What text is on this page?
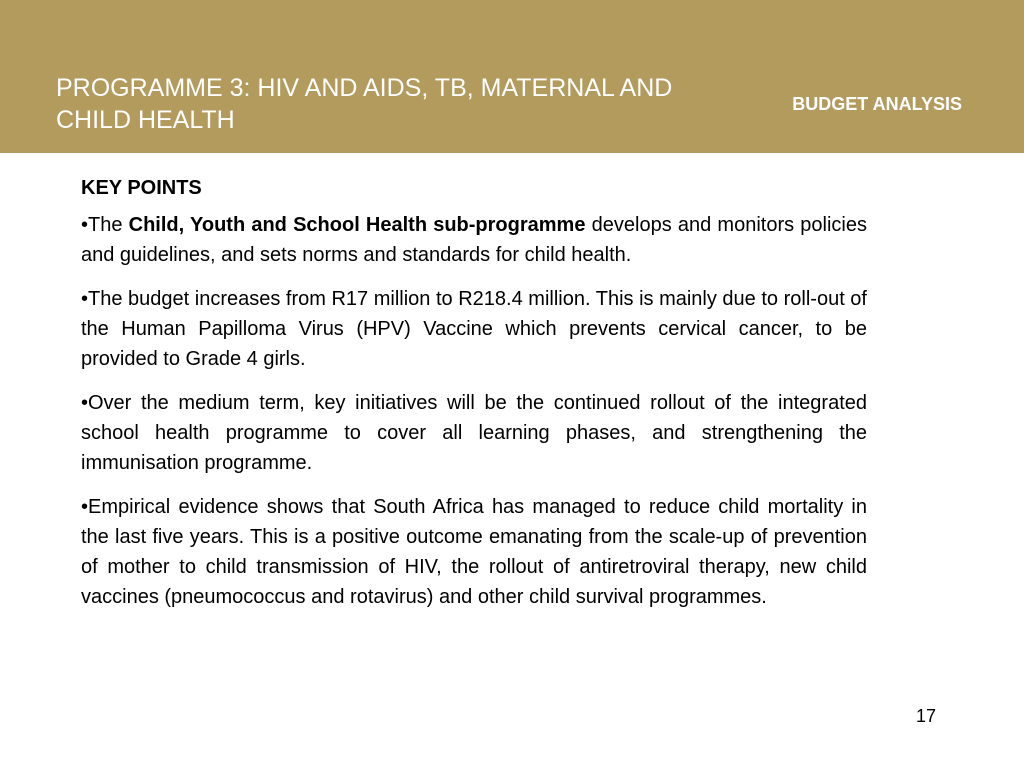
PROGRAMME 3: HIV AND AIDS, TB, MATERNAL AND CHILD HEALTH
BUDGET ANALYSIS
KEY POINTS

•The Child, Youth and School Health sub-programme develops and monitors policies and guidelines, and sets norms and standards for child health.

•The budget increases from R17 million to R218.4 million. This is mainly due to roll-out of the Human Papilloma Virus (HPV) Vaccine which prevents cervical cancer, to be provided to Grade 4 girls.

•Over the medium term, key initiatives will be the continued rollout of the integrated school health programme to cover all learning phases, and strengthening the immunisation programme.

•Empirical evidence shows that South Africa has managed to reduce child mortality in the last five years. This is a positive outcome emanating from the scale-up of prevention of mother to child transmission of HIV, the rollout of antiretroviral therapy, new child vaccines (pneumococcus and rotavirus) and other child survival programmes.

17
